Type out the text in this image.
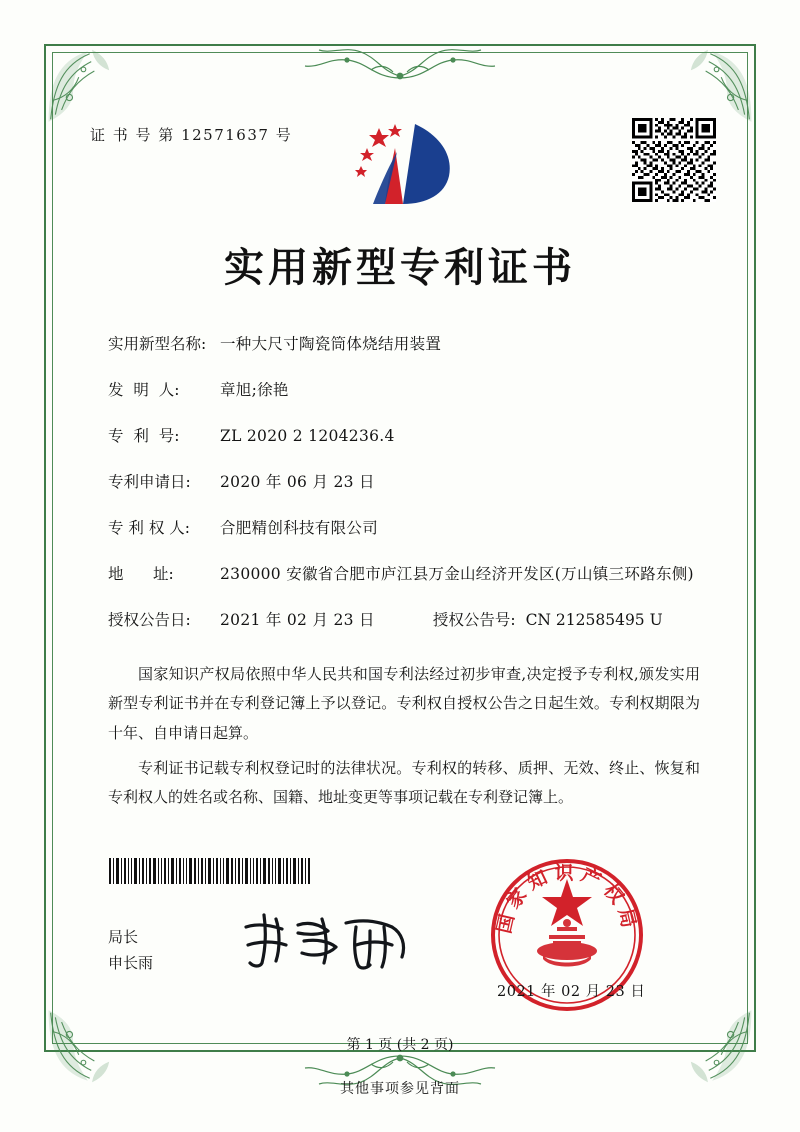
证 书 号 第 12571637 号
实用新型专利证书
实用新型名称: 一种大尺寸陶瓷筒体烧结用装置
发  明  人:	章旭;徐艳
专  利  号:	ZL 2020 2 1204236.4
专利申请日:	2020 年 06 月 23 日
专 利 权 人:	合肥精创科技有限公司
地      址:	230000 安徽省合肥市庐江县万金山经济开发区(万山镇三环路东侧)
授权公告日:	2021 年 02 月 23 日	授权公告号: CN 212585495 U

国家知识产权局依照中华人民共和国专利法经过初步审查,决定授予专利权,颁发实用新型专利证书并在专利登记簿上予以登记。专利权自授权公告之日起生效。专利权期限为十年、自申请日起算。

专利证书记载专利权登记时的法律状况。专利权的转移、质押、无效、终止、恢复和专利权人的姓名或名称、国籍、地址变更等事项记载在专利登记簿上。

局长
申长雨
国家知识产权局
2021 年 02 月 23 日
第 1 页 (共 2 页)
其他事项参见背面
